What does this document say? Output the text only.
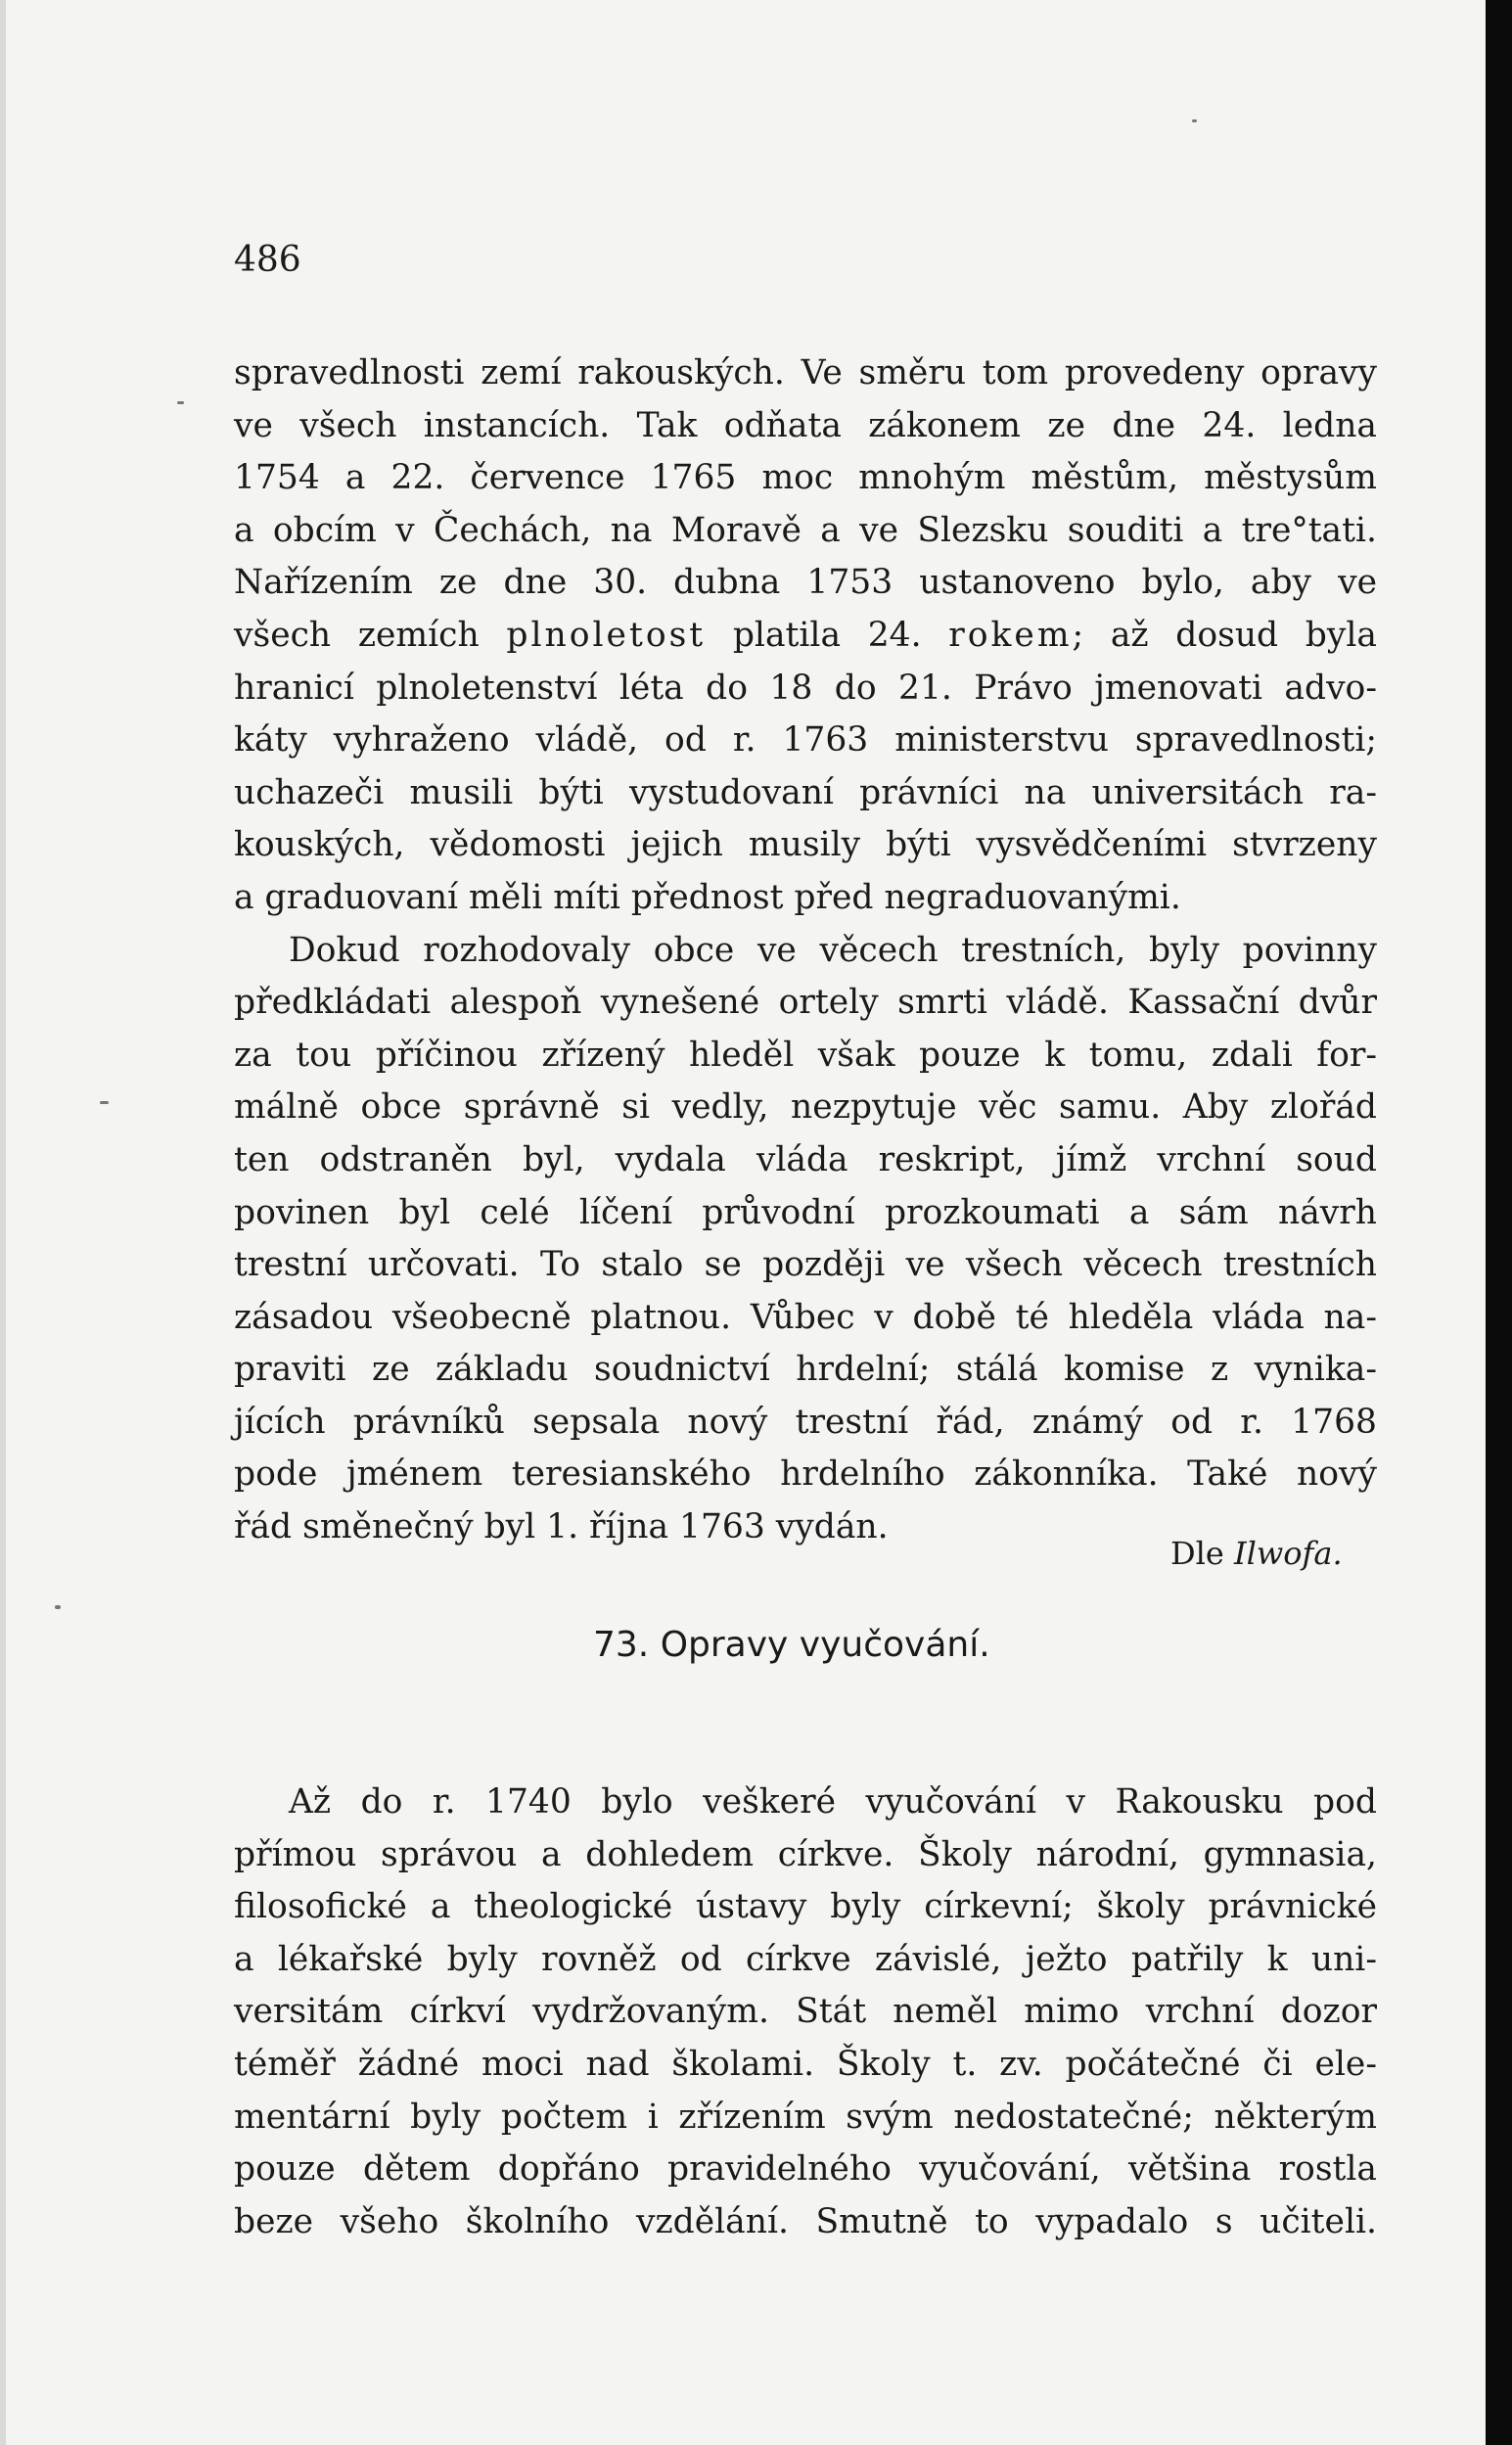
486
spravedlnosti zemí rakouských. Ve směru tom provedeny opravy
ve všech instancích. Tak odňata zákonem ze dne 24. ledna
1754 a 22. července 1765 moc mnohým městům, městysům
a obcím v Čechách, na Moravě a ve Slezsku souditi a tre°tati.
Nařízením ze dne 30. dubna 1753 ustanoveno bylo, aby ve
všech zemích plnoletost platila 24. rokem; až dosud byla
hranicí plnoletenství léta do 18 do 21. Právo jmenovati advo-
káty vyhraženo vládě, od r. 1763 ministerstvu spravedlnosti;
uchazeči musili býti vystudovaní právníci na universitách ra-
kouských, vědomosti jejich musily býti vysvědčeními stvrzeny
a graduovaní měli míti přednost před negraduovanými.
Dokud rozhodovaly obce ve věcech trestních, byly povinny
předkládati alespoň vynešené ortely smrti vládě. Kassační dvůr
za tou příčinou zřízený hleděl však pouze k tomu, zdali for-
málně obce správně si vedly, nezpytuje věc samu. Aby zlořád
ten odstraněn byl, vydala vláda reskript, jímž vrchní soud
povinen byl celé líčení průvodní prozkoumati a sám návrh
trestní určovati. To stalo se později ve všech věcech trestních
zásadou všeobecně platnou. Vůbec v době té hleděla vláda na-
praviti ze základu soudnictví hrdelní; stálá komise z vynika-
jících právníků sepsala nový trestní řád, známý od r. 1768
pode jménem teresianského hrdelního zákonníka. Také nový
řád směnečný byl 1. října 1763 vydán.
Dle Ilwofa.
73. Opravy vyučování.
Až do r. 1740 bylo veškeré vyučování v Rakousku pod
přímou správou a dohledem církve. Školy národní, gymnasia,
filosofické a theologické ústavy byly církevní; školy právnické
a lékařské byly rovněž od církve závislé, ježto patřily k uni-
versitám církví vydržovaným. Stát neměl mimo vrchní dozor
téměř žádné moci nad školami. Školy t. zv. počátečné či ele-
mentární byly počtem i zřízením svým nedostatečné; některým
pouze dětem dopřáno pravidelného vyučování, většina rostla
beze všeho školního vzdělání. Smutně to vypadalo s učiteli.
